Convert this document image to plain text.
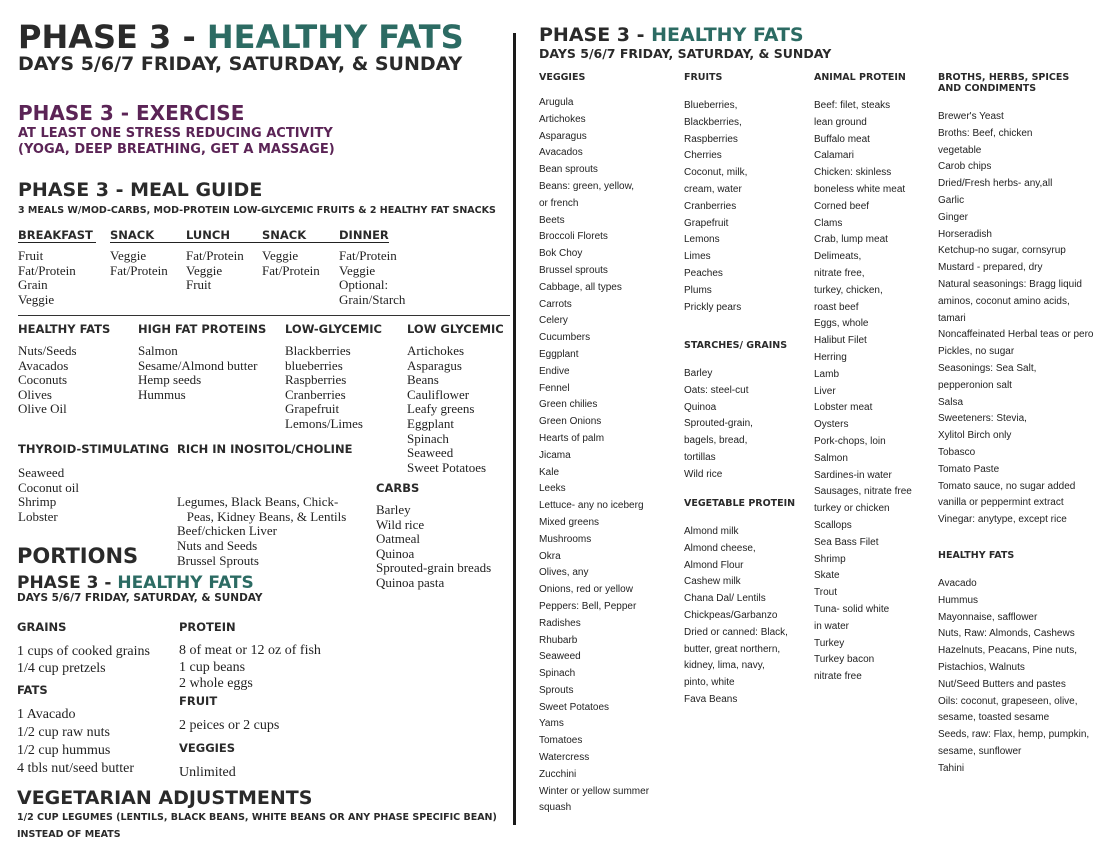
PHASE 3 - HEALTHY FATS
DAYS 5/6/7 FRIDAY, SATURDAY, & SUNDAY
PHASE 3 - EXERCISE
AT LEAST ONE STRESS REDUCING ACTIVITY
(YOGA, DEEP BREATHING, GET A MASSAGE)
PHASE 3 - MEAL GUIDE
3 MEALS W/MOD-CARBS, MOD-PROTEIN LOW-GLYCEMIC FRUITS & 2 HEALTHY FAT SNACKS
BREAKFAST
Fruit
Fat/Protein
Grain
Veggie
SNACK
Veggie
Fat/Protein
LUNCH
Fat/Protein
Veggie
Fruit
SNACK
Veggie
Fat/Protein
DINNER
Fat/Protein
Veggie
Optional:
Grain/Starch
HEALTHY FATS
Nuts/Seeds
Avacados
Coconuts
Olives
Olive Oil
HIGH FAT PROTEINS
Salmon
Sesame/Almond butter
Hemp seeds
Hummus
LOW-GLYCEMIC
Blackberries
blueberries
Raspberries
Cranberries
Grapefruit
Lemons/Limes
LOW GLYCEMIC
Artichokes
Asparagus
Beans
Cauliflower
Leafy greens
Eggplant
Spinach
Seaweed
Sweet Potatoes
THYROID-STIMULATING
Seaweed
Coconut oil
Shrimp
Lobster
RICH IN INOSITOL/CHOLINE

Legumes, Black Beans, Chick-
Peas, Kidney Beans, & Lentils
Beef/chicken Liver
Nuts and Seeds
Brussel Sprouts

CARBS
Barley
Wild rice
Oatmeal
Quinoa
Sprouted-grain breads
Quinoa pasta
PORTIONS
PHASE 3 - HEALTHY FATS
DAYS 5/6/7 FRIDAY, SATURDAY, & SUNDAY
GRAINS
1 cups of cooked grains
1/4 cup pretzels
FATS
1 Avacado
1/2 cup raw nuts
1/2 cup hummus
4 tbls nut/seed butter
PROTEIN
8 of meat or 12 oz of fish
1 cup beans
2 whole eggs
FRUIT
2 peices or 2 cups
VEGGIES
Unlimited
VEGETARIAN ADJUSTMENTS
1/2 CUP LEGUMES (LENTILS, BLACK BEANS, WHITE BEANS OR ANY PHASE SPECIFIC BEAN)
INSTEAD OF MEATS
PHASE 3 - HEALTHY FATS
DAYS 5/6/7 FRIDAY, SATURDAY, & SUNDAY
VEGGIES
Arugula
Artichokes
Asparagus
Avacados
Bean sprouts
Beans: green, yellow,
or french
Beets
Broccoli Florets
Bok Choy
Brussel sprouts
Cabbage, all types
Carrots
Celery
Cucumbers
Eggplant
Endive
Fennel
Green chilies
Green Onions
Hearts of palm
Jicama
Kale
Leeks
Lettuce- any no iceberg
Mixed greens
Mushrooms
Okra
Olives, any
Onions, red or yellow
Peppers: Bell, Pepper
Radishes
Rhubarb
Seaweed
Spinach
Sprouts
Sweet Potatoes
Yams
Tomatoes
Watercress
Zucchini
Winter or yellow summer
squash
FRUITS
Blueberries,
Blackberries,
Raspberries
Cherries
Coconut, milk,
cream, water
Cranberries
Grapefruit
Lemons
Limes
Peaches
Plums
Prickly pears
STARCHES/ GRAINS
Barley
Oats: steel-cut
Quinoa
Sprouted-grain,
bagels, bread,
tortillas
Wild rice
VEGETABLE PROTEIN
Almond milk
Almond cheese,
Almond Flour
Cashew milk
Chana Dal/ Lentils
Chickpeas/Garbanzo
Dried or canned: Black,
butter, great northern,
kidney, lima, navy,
pinto, white
Fava Beans
ANIMAL PROTEIN
Beef: filet, steaks
lean ground
Buffalo meat
Calamari
Chicken: skinless
boneless white meat
Corned beef
Clams
Crab, lump meat
Delimeats,
nitrate free,
turkey, chicken,
roast beef
Eggs, whole
Halibut Filet
Herring
Lamb
Liver
Lobster meat
Oysters
Pork-chops, loin
Salmon
Sardines-in water
Sausages, nitrate free
turkey or chicken
Scallops
Sea Bass Filet
Shrimp
Skate
Trout
Tuna- solid white
in water
Turkey
Turkey bacon
nitrate free
BROTHS, HERBS, SPICES
AND CONDIMENTS
Brewer's Yeast
Broths: Beef, chicken
vegetable
Carob chips
Dried/Fresh herbs- any,all
Garlic
Ginger
Horseradish
Ketchup-no sugar, cornsyrup
Mustard - prepared, dry
Natural seasonings: Bragg liquid
aminos, coconut amino acids,
tamari
Noncaffeinated Herbal teas or pero
Pickles, no sugar
Seasonings: Sea Salt,
pepperonion salt
Salsa
Sweeteners: Stevia,
Xylitol Birch only
Tobasco
Tomato Paste
Tomato sauce, no sugar added
vanilla or peppermint extract
Vinegar: anytype, except rice
HEALTHY FATS
Avacado
Hummus
Mayonnaise, safflower
Nuts, Raw: Almonds, Cashews
Hazelnuts, Peacans, Pine nuts,
Pistachios, Walnuts
Nut/Seed Butters and pastes
Oils: coconut, grapeseen, olive,
sesame, toasted sesame
Seeds, raw: Flax, hemp, pumpkin,
sesame, sunflower
Tahini
